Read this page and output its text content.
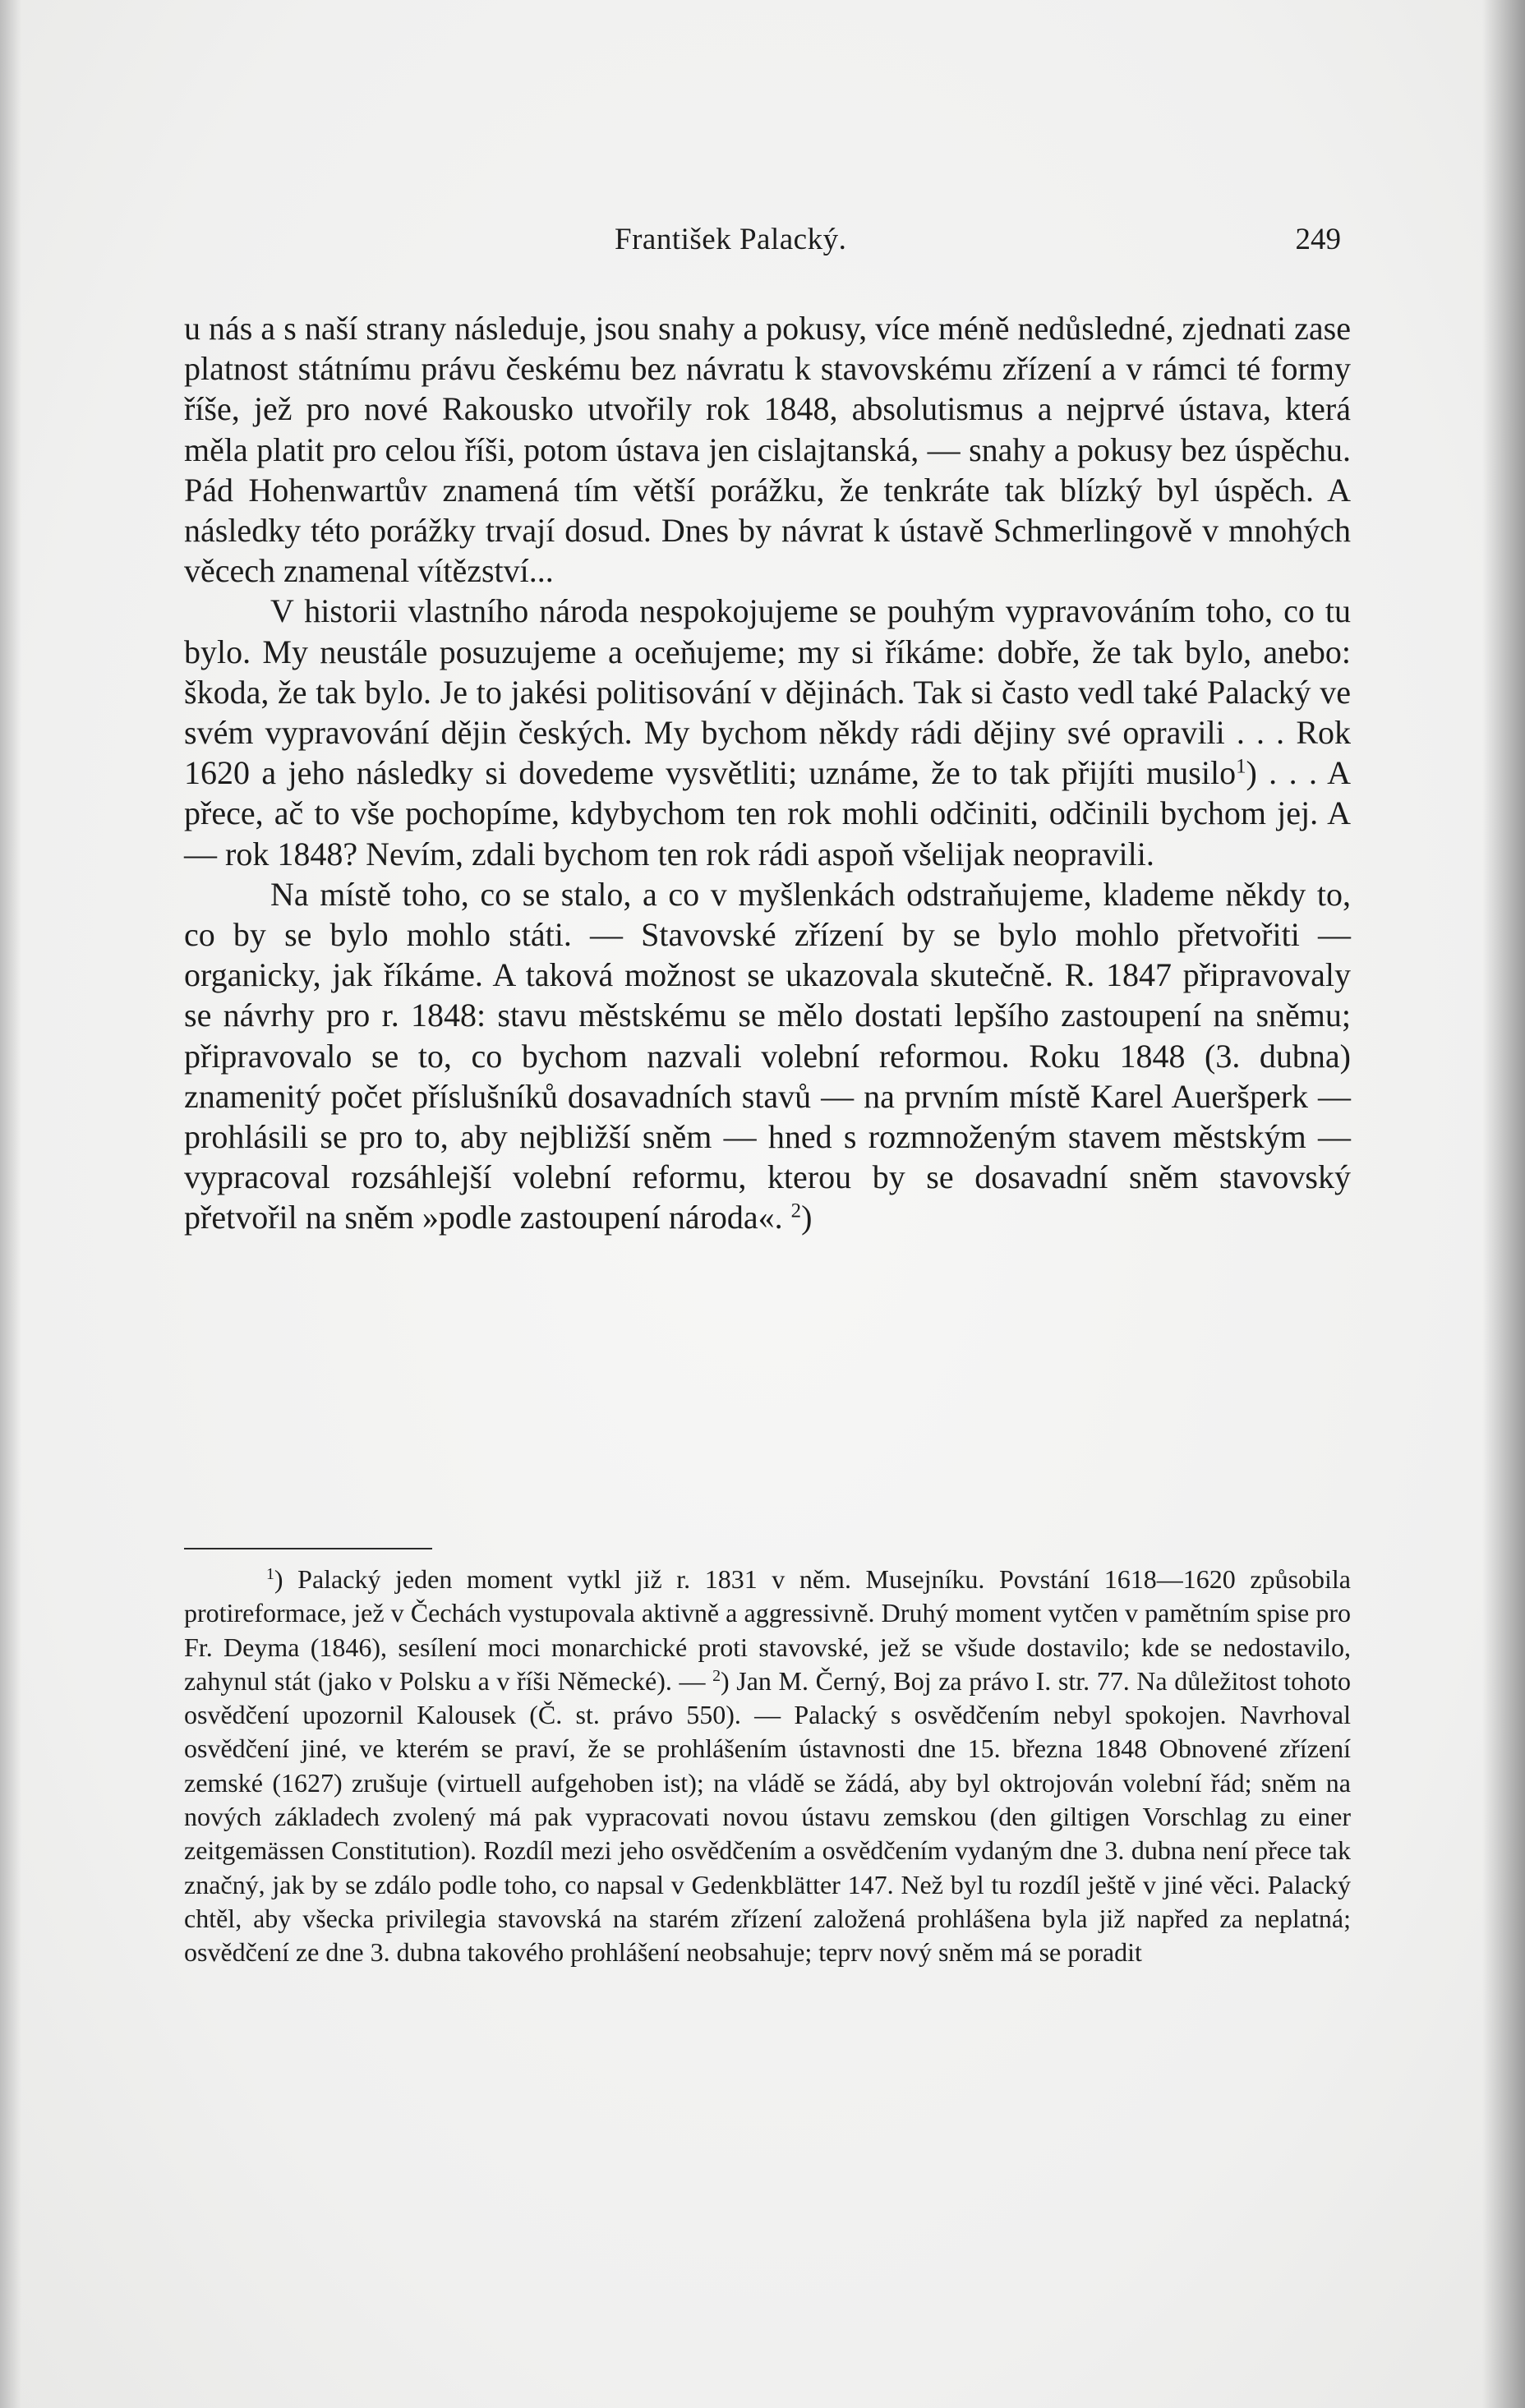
František Palacký.	249

u nás a s naší strany následuje, jsou snahy a pokusy, více méně nedůsledné, zjednati zase platnost státnímu právu českému bez návratu k stavovskému zřízení a v rámci té formy říše, jež pro nové Rakousko utvořily rok 1848, absolutismus a nejprvé ústava, která měla platit pro celou říši, potom ústava jen cislajtanská, — snahy a pokusy bez úspěchu. Pád Hohenwartův znamená tím větší porážku, že tenkráte tak blízký byl úspěch. A následky této porážky trvají dosud. Dnes by návrat k ústavě Schmerlingově v mnohých věcech znamenal vítězství...

V historii vlastního národa nespokojujeme se pouhým vypravováním toho, co tu bylo. My neustále posuzujeme a oceňujeme; my si říkáme: dobře, že tak bylo, anebo: škoda, že tak bylo. Je to jakési politisování v dějinách. Tak si často vedl také Palacký ve svém vypravování dějin českých. My bychom někdy rádi dějiny své opravili . . . Rok 1620 a jeho následky si dovedeme vysvětliti; uznáme, že to tak přijíti musilo$^1$) . . . A přece, ač to vše pochopíme, kdybychom ten rok mohli odčiniti, odčinili bychom jej. A — rok 1848? Nevím, zdali bychom ten rok rádi aspoň všelijak neopravili.

Na místě toho, co se stalo, a co v myšlenkách odstraňujeme, klademe někdy to, co by se bylo mohlo státi. — Stavovské zřízení by se bylo mohlo přetvořiti — organicky, jak říkáme. A taková možnost se ukazovala skutečně. R. 1847 připravovaly se návrhy pro r. 1848: stavu městskému se mělo dostati lepšího zastoupení na sněmu; připravovalo se to, co bychom nazvali volební reformou. Roku 1848 (3. dubna) znamenitý počet příslušníků dosavadních stavů — na prvním místě Karel Aueršperk — prohlásili se pro to, aby nejbližší sněm — hned s rozmnoženým stavem městským — vypracoval rozsáhlejší volební reformu, kterou by se dosavadní sněm stavovský přetvořil na sněm »podle zastoupení národa«. $^2$)

$^1$) Palacký jeden moment vytkl již r. 1831 v něm. Musejníku. Povstání 1618—1620 způsobila protireformace, jež v Čechách vystupovala aktivně a aggressivně. Druhý moment vytčen v pamětním spise pro Fr. Deyma (1846), sesílení moci monarchické proti stavovské, jež se všude dostavilo; kde se nedostavilo, zahynul stát (jako v Polsku a v říši Německé). — $^2$) Jan M. Černý, Boj za právo I. str. 77. Na důležitost tohoto osvědčení upozornil Kalousek (Č. st. právo 550). — Palacký s osvědčením nebyl spokojen. Navrhoval osvědčení jiné, ve kterém se praví, že se prohlášením ústavnosti dne 15. března 1848 Obnovené zřízení zemské (1627) zrušuje (virtuell aufgehoben ist); na vládě se žádá, aby byl oktrojován volební řád; sněm na nových základech zvolený má pak vypracovati novou ústavu zemskou (den giltigen Vorschlag zu einer zeitgemässen Constitution). Rozdíl mezi jeho osvědčením a osvědčením vydaným dne 3. dubna není přece tak značný, jak by se zdálo podle toho, co napsal v Gedenkblätter 147. Než byl tu rozdíl ještě v jiné věci. Palacký chtěl, aby všecka privilegia stavovská na starém zřízení založená prohlášena byla již napřed za neplatná; osvědčení ze dne 3. dubna takového prohlášení neobsahuje; teprv nový sněm má se poradit
